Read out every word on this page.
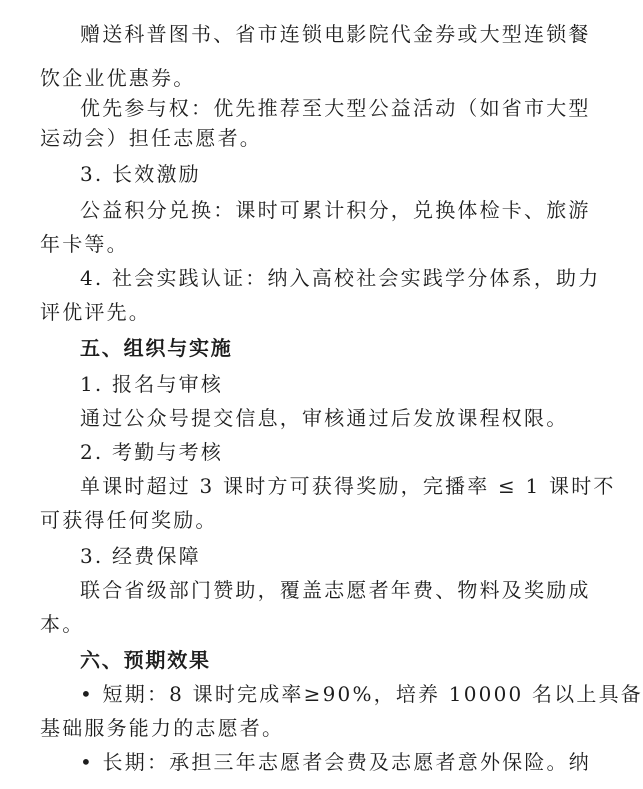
赠送科普图书、省市连锁电影院代金券或大型连锁餐
饮企业优惠券。
优先参与权：优先推荐至大型公益活动（如省市大型
运动会）担任志愿者。
3. 长效激励
公益积分兑换：课时可累计积分，兑换体检卡、旅游
年卡等。
4. 社会实践认证：纳入高校社会实践学分体系，助力
评优评先。
五、组织与实施
1. 报名与审核
通过公众号提交信息，审核通过后发放课程权限。
2. 考勤与考核
单课时超过 3 课时方可获得奖励，完播率 ≤ 1 课时不
可获得任何奖励。
3. 经费保障
联合省级部门赞助，覆盖志愿者年费、物料及奖励成
本。
六、预期效果
• 短期：8 课时完成率≥90%，培养 10000 名以上具备
基础服务能力的志愿者。
• 长期：承担三年志愿者会费及志愿者意外保险。纳
